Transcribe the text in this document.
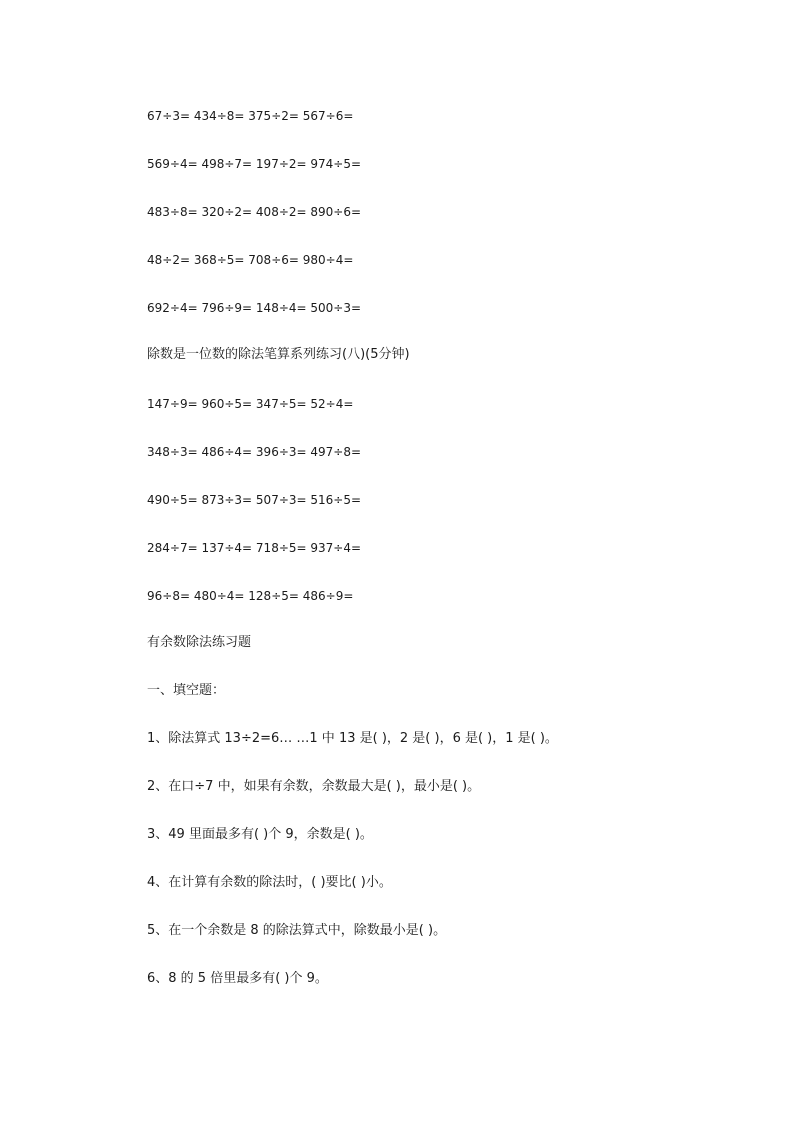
67÷3= 434÷8= 375÷2= 567÷6=
569÷4= 498÷7= 197÷2= 974÷5=
483÷8= 320÷2= 408÷2= 890÷6=
48÷2= 368÷5= 708÷6= 980÷4=
692÷4= 796÷9= 148÷4= 500÷3=
除数是一位数的除法笔算系列练习(八)(5分钟)
147÷9= 960÷5= 347÷5= 52÷4=
348÷3= 486÷4= 396÷3= 497÷8=
490÷5= 873÷3= 507÷3= 516÷5=
284÷7= 137÷4= 718÷5= 937÷4=
96÷8= 480÷4= 128÷5= 486÷9=
有余数除法练习题
一、填空题：
1、除法算式 13÷2=6… …1 中 13 是( )，2 是( )，6 是( )，1 是( )。
2、在口÷7 中，如果有余数，余数最大是( )，最小是( )。
3、49 里面最多有( )个 9，余数是( )。
4、在计算有余数的除法时，( )要比( )小。
5、在一个余数是 8 的除法算式中，除数最小是( )。
6、8 的 5 倍里最多有( )个 9。
